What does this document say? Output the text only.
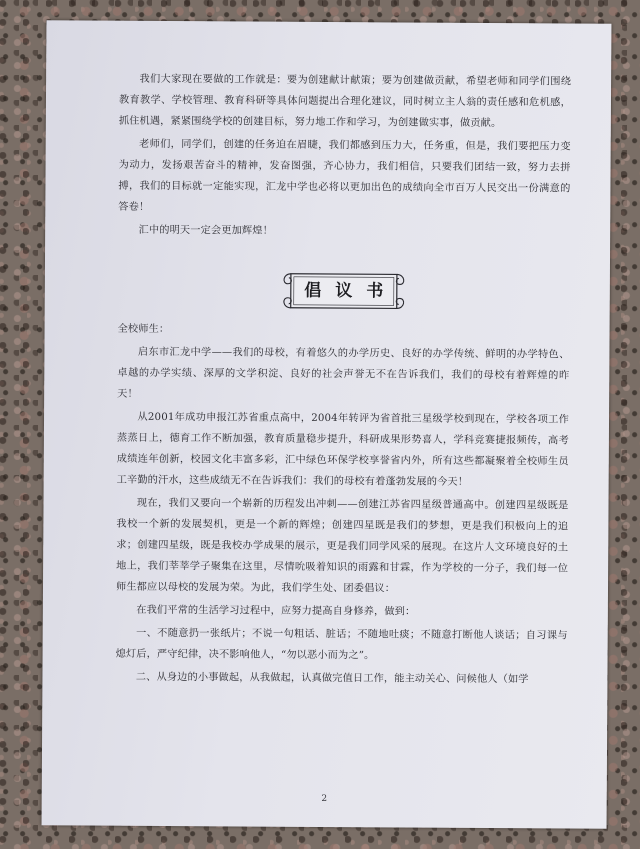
我们大家现在要做的工作就是：要为创建献计献策；要为创建做贡献，希望老师和同学们围绕教育教学、学校管理、教育科研等具体问题提出合理化建议，同时树立主人翁的责任感和危机感，抓住机遇，紧紧围绕学校的创建目标，努力地工作和学习，为创建做实事，做贡献。

老师们，同学们，创建的任务迫在眉睫，我们都感到压力大，任务重，但是，我们要把压力变为动力，发扬艰苦奋斗的精神，发奋图强，齐心协力，我们相信，只要我们团结一致，努力去拼搏，我们的目标就一定能实现，汇龙中学也必将以更加出色的成绩向全市百万人民交出一份满意的答卷！

汇中的明天一定会更加辉煌！

倡议书

全校师生：

启东市汇龙中学——我们的母校，有着悠久的办学历史、良好的办学传统、鲜明的办学特色、卓越的办学实绩、深厚的文学积淀、良好的社会声誉无不在告诉我们，我们的母校有着辉煌的昨天！

从2001年成功申报江苏省重点高中，2004年转评为省首批三星级学校到现在，学校各项工作蒸蒸日上，德育工作不断加强，教育质量稳步提升，科研成果形势喜人，学科竞赛捷报频传，高考成绩连年创新，校园文化丰富多彩，汇中绿色环保学校享誉省内外，所有这些都凝聚着全校师生员工辛勤的汗水，这些成绩无不在告诉我们：我们的母校有着蓬勃发展的今天！

现在，我们又要向一个崭新的历程发出冲刺——创建江苏省四星级普通高中。创建四星级既是我校一个新的发展契机，更是一个新的辉煌；创建四星既是我们的梦想，更是我们积极向上的追求；创建四星级，既是我校办学成果的展示，更是我们同学风采的展现。在这片人文环境良好的土地上，我们莘莘学子聚集在这里，尽情吮吸着知识的雨露和甘霖，作为学校的一分子，我们每一位师生都应以母校的发展为荣。为此，我们学生处、团委倡议：

在我们平常的生活学习过程中，应努力提高自身修养，做到：

一、不随意扔一张纸片；不说一句粗话、脏话；不随地吐痰；不随意打断他人谈话；自习课与熄灯后，严守纪律，决不影响他人，“勿以恶小而为之”。

二、从身边的小事做起，从我做起，认真做完值日工作，能主动关心、问候他人（如学

2
